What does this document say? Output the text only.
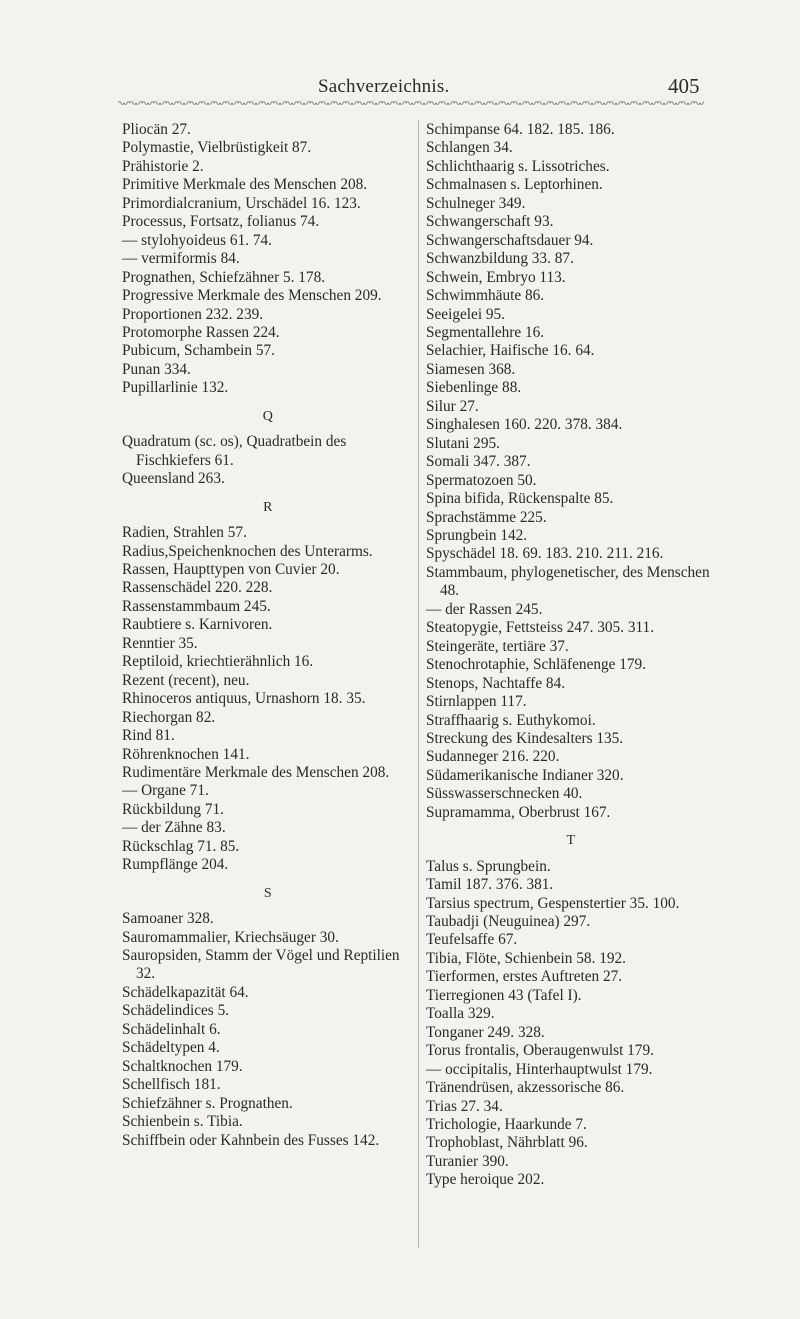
Sachverzeichnis.	405
Pliocän 27.
Polymastie, Vielbrüstigkeit 87.
Prähistorie 2.
Primitive Merkmale des Menschen 208.
Primordialcranium, Urschädel 16. 123.
Processus, Fortsatz, folianus 74.
— stylohyoideus 61. 74.
— vermiformis 84.
Prognathen, Schiefzähner 5. 178.
Progressive Merkmale des Menschen 209.
Proportionen 232. 239.
Protomorphe Rassen 224.
Pubicum, Schambein 57.
Punan 334.
Pupillarlinie 132.
Q
Quadratum (sc. os), Quadratbein des Fischkiefers 61.
Queensland 263.
R
Radien, Strahlen 57.
Radius,Speichenknochen des Unterarms.
Rassen, Haupttypen von Cuvier 20.
Rassenschädel 220. 228.
Rassenstammbaum 245.
Raubtiere s. Karnivoren.
Renntier 35.
Reptiloid, kriechtierähnlich 16.
Rezent (recent), neu.
Rhinoceros antiquus, Urnashorn 18. 35.
Riechorgan 82.
Rind 81.
Röhrenknochen 141.
Rudimentäre Merkmale des Menschen 208.
— Organe 71.
Rückbildung 71.
— der Zähne 83.
Rückschlag 71. 85.
Rumpflänge 204.
S
Samoaner 328.
Sauromammalier, Kriechsäuger 30.
Sauropsiden, Stamm der Vögel und Reptilien 32.
Schädelkapazität 64.
Schädelindices 5.
Schädelinhalt 6.
Schädeltypen 4.
Schaltknochen 179.
Schellfisch 181.
Schiefzähner s. Prognathen.
Schienbein s. Tibia.
Schiffbein oder Kahnbein des Fusses 142.
Schimpanse 64. 182. 185. 186.
Schlangen 34.
Schlichthaarig s. Lissotriches.
Schmalnasen s. Leptorhinen.
Schulneger 349.
Schwangerschaft 93.
Schwangerschaftsdauer 94.
Schwanzbildung 33. 87.
Schwein, Embryo 113.
Schwimmhäute 86.
Seeigelei 95.
Segmentallehre 16.
Selachier, Haifische 16. 64.
Siamesen 368.
Siebenlinge 88.
Silur 27.
Singhalesen 160. 220. 378. 384.
Slutani 295.
Somali 347. 387.
Spermatozoen 50.
Spina bifida, Rückenspalte 85.
Sprachstämme 225.
Sprungbein 142.
Spyschädel 18. 69. 183. 210. 211. 216.
Stammbaum, phylogenetischer, des Menschen 48.
— der Rassen 245.
Steatopygie, Fettsteiss 247. 305. 311.
Steingeräte, tertiäre 37.
Stenochrotaphie, Schläfenenge 179.
Stenops, Nachtaffe 84.
Stirnlappen 117.
Straffhaarig s. Euthykomoi.
Streckung des Kindesalters 135.
Sudanneger 216. 220.
Südamerikanische Indianer 320.
Süsswasserschnecken 40.
Supramamma, Oberbrust 167.
T
Talus s. Sprungbein.
Tamil 187. 376. 381.
Tarsius spectrum, Gespenstertier 35. 100.
Taubadji (Neuguinea) 297.
Teufelsaffe 67.
Tibia, Flöte, Schienbein 58. 192.
Tierformen, erstes Auftreten 27.
Tierregionen 43 (Tafel I).
Toalla 329.
Tonganer 249. 328.
Torus frontalis, Oberaugenwulst 179.
— occipitalis, Hinterhauptwulst 179.
Tränendrüsen, akzessorische 86.
Trias 27. 34.
Trichologie, Haarkunde 7.
Trophoblast, Nährblatt 96.
Turanier 390.
Type heroique 202.
